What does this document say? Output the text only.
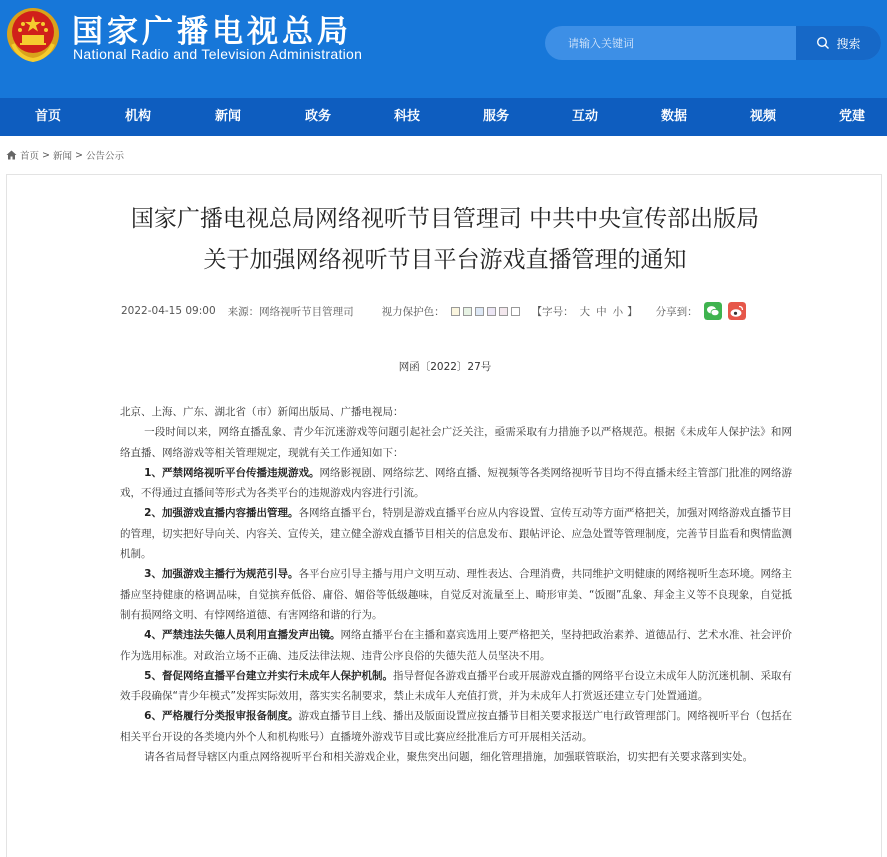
国家广播电视总局
National Radio and Television Administration
请输入关键词
搜索
首页	机构	新闻	政务	科技	服务	互动	数据	视频	党建
首页 > 新闻 > 公告公示
国家广播电视总局网络视听节目管理司 中共中央宣传部出版局
关于加强网络视听节目平台游戏直播管理的通知
2022-04-15 09:00 来源：网络视听节目管理司	视力保护色：	【字号： 大 中 小 】 分享到：
网函〔2022〕27号

北京、上海、广东、湖北省（市）新闻出版局、广播电视局：

一段时间以来，网络直播乱象、青少年沉迷游戏等问题引起社会广泛关注，亟需采取有力措施予以严格规范。根据《未成年人保护法》和网络直播、网络游戏等相关管理规定，现就有关工作通知如下：

1、严禁网络视听平台传播违规游戏。网络影视剧、网络综艺、网络直播、短视频等各类网络视听节目均不得直播未经主管部门批准的网络游戏，不得通过直播间等形式为各类平台的违规游戏内容进行引流。

2、加强游戏直播内容播出管理。各网络直播平台，特别是游戏直播平台应从内容设置、宣传互动等方面严格把关，加强对网络游戏直播节目的管理，切实把好导向关、内容关、宣传关，建立健全游戏直播节目相关的信息发布、跟帖评论、应急处置等管理制度，完善节目监看和舆情监测机制。

3、加强游戏主播行为规范引导。各平台应引导主播与用户文明互动、理性表达、合理消费，共同维护文明健康的网络视听生态环境。网络主播应坚持健康的格调品味，自觉摈弃低俗、庸俗、媚俗等低级趣味，自觉反对流量至上、畸形审美、“饭圈”乱象、拜金主义等不良现象，自觉抵制有损网络文明、有悖网络道德、有害网络和谐的行为。

4、严禁违法失德人员利用直播发声出镜。网络直播平台在主播和嘉宾选用上要严格把关，坚持把政治素养、道德品行、艺术水准、社会评价作为选用标准。对政治立场不正确、违反法律法规、违背公序良俗的失德失范人员坚决不用。

5、督促网络直播平台建立并实行未成年人保护机制。指导督促各游戏直播平台或开展游戏直播的网络平台设立未成年人防沉迷机制、采取有效手段确保“青少年模式”发挥实际效用，落实实名制要求，禁止未成年人充值打赏，并为未成年人打赏返还建立专门处置通道。

6、严格履行分类报审报备制度。游戏直播节目上线、播出及版面设置应按直播节目相关要求报送广电行政管理部门。网络视听平台（包括在相关平台开设的各类境内外个人和机构账号）直播境外游戏节目或比赛应经批准后方可开展相关活动。

请各省局督导辖区内重点网络视听平台和相关游戏企业，聚焦突出问题，细化管理措施，加强联管联治，切实把有关要求落到实处。
